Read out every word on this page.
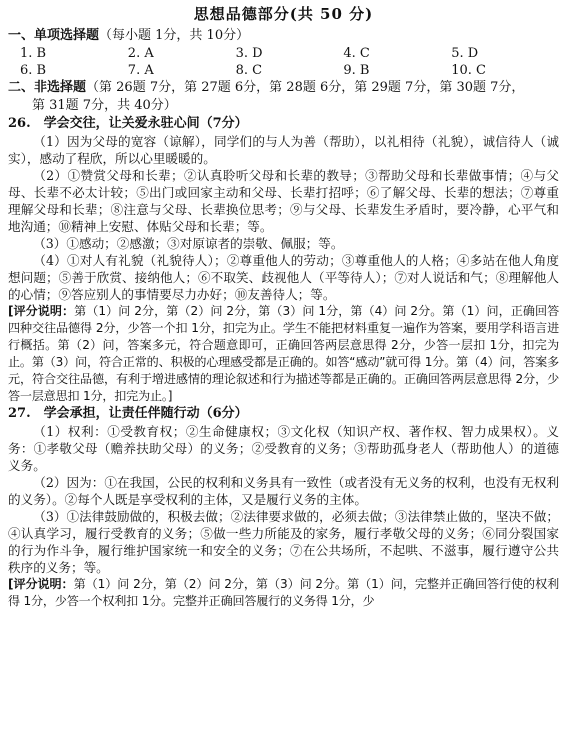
思想品德部分(共 50 分)
一、单项选择题（每小题 1分，共 10分）
1. B	2. A	3. D	4. C	5. D
6. B	7. A	8. C	9. B	10. C
二、非选择题（第 26题 7分，第 27题 6分，第 28题 6分，第 29题 7分，第 30题 7分，
第 31题 7分，共 40分）
26.　学会交往，让关爱永驻心间（7分）

（1）因为父母的宽容（谅解），同学们的与人为善（帮助），以礼相待（礼貌），诚信待人（诚实），感动了程欣，所以心里暖暖的。

（2）①赞赏父母和长辈；②认真聆听父母和长辈的教导；③帮助父母和长辈做事情；④与父母、长辈不必太计较；⑤出门或回家主动和父母、长辈打招呼；⑥了解父母、长辈的想法；⑦尊重理解父母和长辈；⑧注意与父母、长辈换位思考；⑨与父母、长辈发生矛盾时，要冷静，心平气和地沟通；⑩精神上安慰、体贴父母和长辈；等。

（3）①感动；②感激；③对原谅者的崇敬、佩服；等。

（4）①对人有礼貌（礼貌待人）；②尊重他人的劳动；③尊重他人的人格；④多站在他人角度想问题；⑤善于欣赏、接纳他人；⑥不取笑、歧视他人（平等待人）；⑦对人说话和气；⑧理解他人的心情；⑨答应别人的事情要尽力办好；⑩友善待人；等。

[评分说明：第（1）问 2分，第（2）问 2分，第（3）问 1分，第（4）问 2分。第（1）问，正确回答四种交往品德得 2分，少答一个扣 1分，扣完为止。学生不能把材料重复一遍作为答案，要用学科语言进行概括。第（2）问，答案多元，符合题意即可，正确回答两层意思得 2分，少答一层扣 1分，扣完为止。第（3）问，符合正常的、积极的心理感受都是正确的。如答“感动”就可得 1分。第（4）问，答案多元，符合交往品德，有利于增进感情的理论叙述和行为描述等都是正确的。正确回答两层意思得 2分，少答一层意思扣 1分，扣完为止。]

27.　学会承担，让责任伴随行动（6分）

（1）权利：①受教育权；②生命健康权；③文化权（知识产权、著作权、智力成果权）。义务：①孝敬父母（赡养扶助父母）的义务；②受教育的义务；③帮助孤身老人（帮助他人）的道德义务。

（2）因为：①在我国，公民的权利和义务具有一致性（或者没有无义务的权利，也没有无权利的义务）。②每个人既是享受权利的主体，又是履行义务的主体。

（3）①法律鼓励做的，积极去做；②法律要求做的，必须去做；③法律禁止做的，坚决不做；④认真学习，履行受教育的义务；⑤做一些力所能及的家务，履行孝敬父母的义务；⑥同分裂国家的行为作斗争，履行维护国家统一和安全的义务；⑦在公共场所，不起哄、不滋事，履行遵守公共秩序的义务；等。

[评分说明：第（1）问 2分，第（2）问 2分，第（3）问 2分。第（1）问，完整并正确回答行使的权利得 1分，少答一个权利扣 1分。完整并正确回答履行的义务得 1分，少
